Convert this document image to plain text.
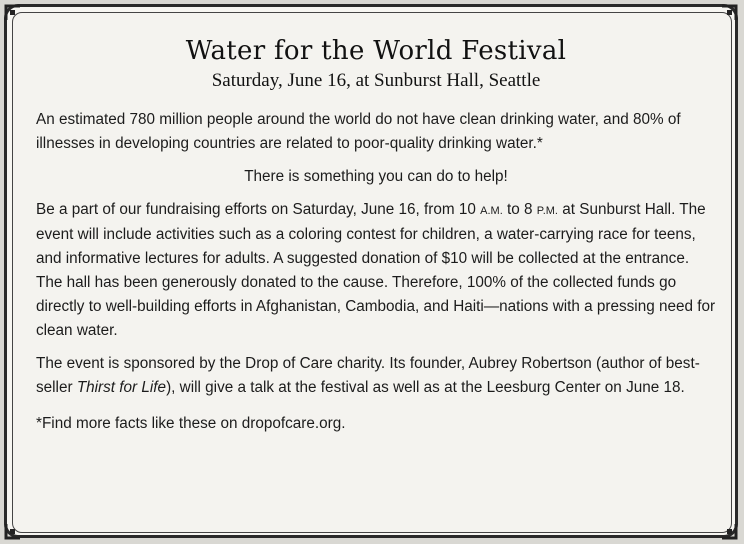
Water for the World Festival
Saturday, June 16, at Sunburst Hall, Seattle

An estimated 780 million people around the world do not have clean drinking water, and 80% of illnesses in developing countries are related to poor-quality drinking water.*

There is something you can do to help!

Be a part of our fundraising efforts on Saturday, June 16, from 10 A.M. to 8 P.M. at Sunburst Hall. The event will include activities such as a coloring contest for children, a water-carrying race for teens, and informative lectures for adults. A suggested donation of $10 will be collected at the entrance. The hall has been generously donated to the cause. Therefore, 100% of the collected funds go directly to well-building efforts in Afghanistan, Cambodia, and Haiti—nations with a pressing need for clean water.

The event is sponsored by the Drop of Care charity. Its founder, Aubrey Robertson (author of best-seller Thirst for Life), will give a talk at the festival as well as at the Leesburg Center on June 18.

*Find more facts like these on dropofcare.org.
